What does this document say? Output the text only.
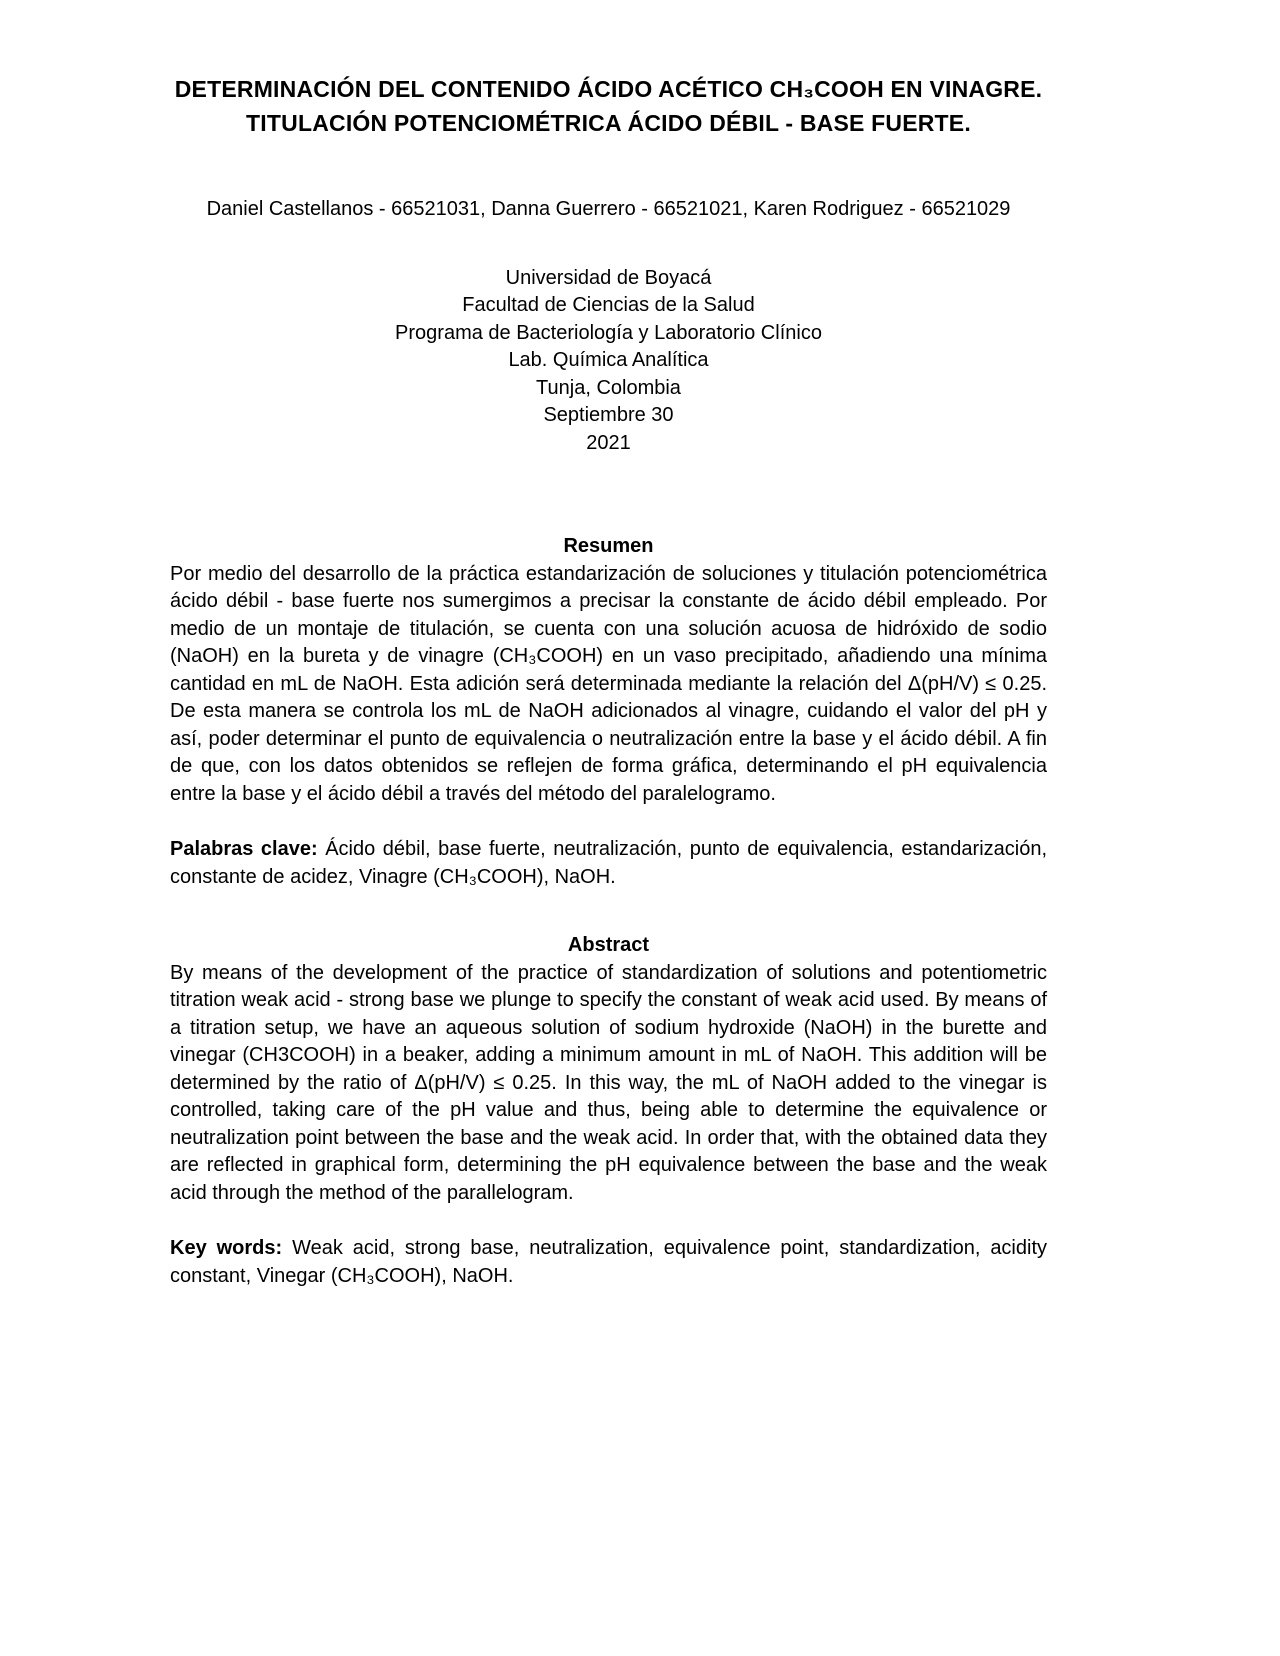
DETERMINACIÓN DEL CONTENIDO ÁCIDO ACÉTICO CH₃COOH EN VINAGRE.
TITULACIÓN POTENCIOMÉTRICA ÁCIDO DÉBIL - BASE FUERTE.

Daniel Castellanos - 66521031, Danna Guerrero - 66521021, Karen Rodriguez - 66521029

Universidad de Boyacá

Facultad de Ciencias de la Salud

Programa de Bacteriología y Laboratorio Clínico

Lab. Química Analítica

Tunja, Colombia

Septiembre 30

2021

Resumen

Por medio del desarrollo de la práctica estandarización de soluciones y titulación potenciométrica ácido débil - base fuerte nos sumergimos a precisar la constante de ácido débil empleado. Por medio de un montaje de titulación, se cuenta con una solución acuosa de hidróxido de sodio (NaOH) en la bureta y de vinagre (CH₃COOH) en un vaso precipitado, añadiendo una mínima cantidad en mL de NaOH. Esta adición será determinada mediante la relación del Δ(pH/V) ≤ 0.25. De esta manera se controla los mL de NaOH adicionados al vinagre, cuidando el valor del pH y así, poder determinar el punto de equivalencia o neutralización entre la base y el ácido débil. A fin de que, con los datos obtenidos se reflejen de forma gráfica, determinando el pH equivalencia entre la base y el ácido débil a través del método del paralelogramo.

Palabras clave: Ácido débil, base fuerte, neutralización, punto de equivalencia, estandarización, constante de acidez, Vinagre (CH₃COOH), NaOH.

Abstract

By means of the development of the practice of standardization of solutions and potentiometric titration weak acid - strong base we plunge to specify the constant of weak acid used. By means of a titration setup, we have an aqueous solution of sodium hydroxide (NaOH) in the burette and vinegar (CH3COOH) in a beaker, adding a minimum amount in mL of NaOH. This addition will be determined by the ratio of Δ(pH/V) ≤ 0.25. In this way, the mL of NaOH added to the vinegar is controlled, taking care of the pH value and thus, being able to determine the equivalence or neutralization point between the base and the weak acid. In order that, with the obtained data they are reflected in graphical form, determining the pH equivalence between the base and the weak acid through the method of the parallelogram.

Key words: Weak acid, strong base, neutralization, equivalence point, standardization, acidity constant, Vinegar (CH₃COOH), NaOH.
